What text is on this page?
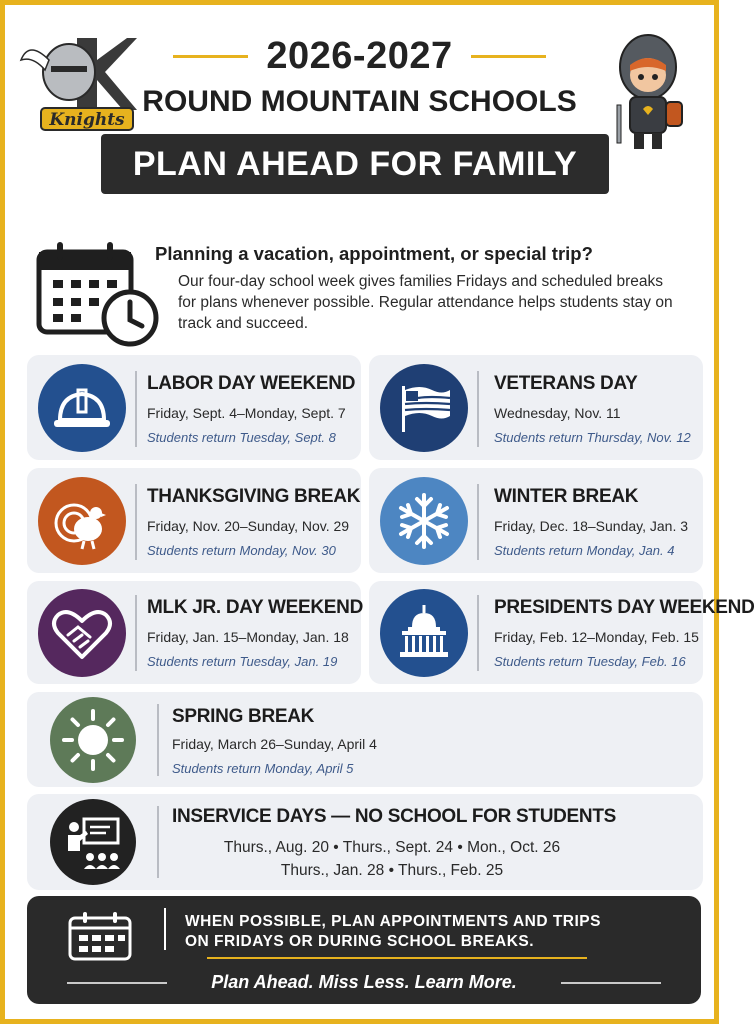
Knights
2026-2027
ROUND MOUNTAIN SCHOOLS
PLAN AHEAD FOR FAMILY TIME
Planning a vacation, appointment, or special trip?
Our four-day school week gives families Fridays and scheduled breaks for plans whenever possible. Regular attendance helps students stay on track and succeed.
LABOR DAY WEEKEND
Friday, Sept. 4–Monday, Sept. 7
Students return Tuesday, Sept. 8
VETERANS DAY
Wednesday, Nov. 11
Students return Thursday, Nov. 12
THANKSGIVING BREAK
Friday, Nov. 20–Sunday, Nov. 29
Students return Monday, Nov. 30
WINTER BREAK
Friday, Dec. 18–Sunday, Jan. 3
Students return Monday, Jan. 4
MLK JR. DAY WEEKEND
Friday, Jan. 15–Monday, Jan. 18
Students return Tuesday, Jan. 19
PRESIDENTS DAY WEEKEND
Friday, Feb. 12–Monday, Feb. 15
Students return Tuesday, Feb. 16
SPRING BREAK
Friday, March 26–Sunday, April 4
Students return Monday, April 5
INSERVICE DAYS — NO SCHOOL FOR STUDENTS
Thurs., Aug. 20 • Thurs., Sept. 24 • Mon., Oct. 26
Thurs., Jan. 28 • Thurs., Feb. 25
WHEN POSSIBLE, PLAN APPOINTMENTS AND TRIPS
ON FRIDAYS OR DURING SCHOOL BREAKS.
Plan Ahead. Miss Less. Learn More.
